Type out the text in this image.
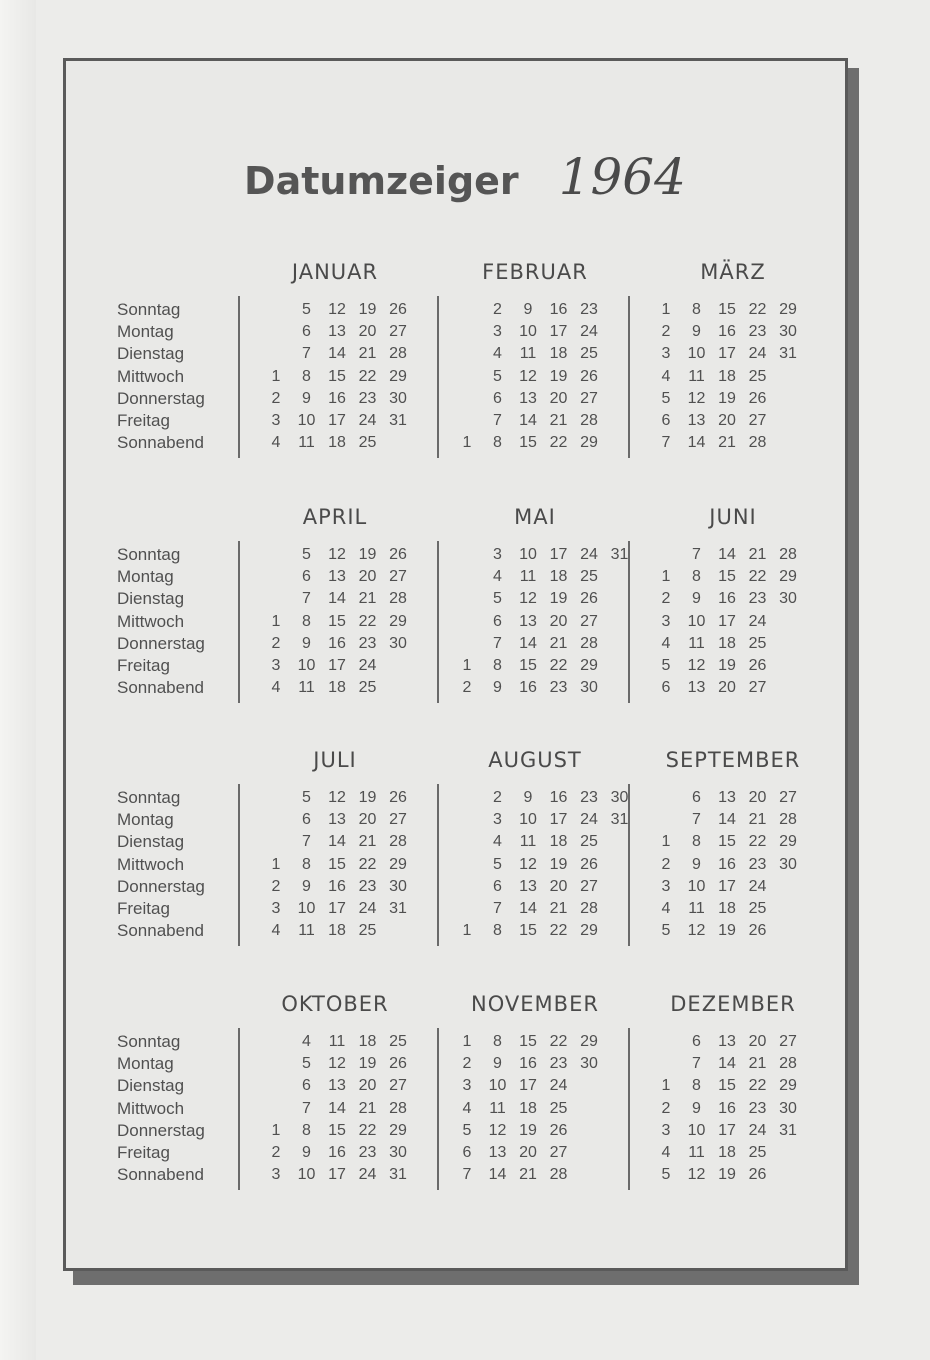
Datumzeiger 1964
Sonntag
Montag
Dienstag
Mittwoch
Donnerstag
Freitag
Sonnabend
JANUAR
1
2
3
4
5
6
7
8
9
10
11
12
13
14
15
16
17
18
19
20
21
22
23
24
25
26
27
28
29
30
31
FEBRUAR
1
2
3
4
5
6
7
8
9
10
11
12
13
14
15
16
17
18
19
20
21
22
23
24
25
26
27
28
29
MÄRZ
1
2
3
4
5
6
7
8
9
10
11
12
13
14
15
16
17
18
19
20
21
22
23
24
25
26
27
28
29
30
31
Sonntag
Montag
Dienstag
Mittwoch
Donnerstag
Freitag
Sonnabend
APRIL
1
2
3
4
5
6
7
8
9
10
11
12
13
14
15
16
17
18
19
20
21
22
23
24
25
26
27
28
29
30
MAI
1
2
3
4
5
6
7
8
9
10
11
12
13
14
15
16
17
18
19
20
21
22
23
24
25
26
27
28
29
30
31
JUNI
1
2
3
4
5
6
7
8
9
10
11
12
13
14
15
16
17
18
19
20
21
22
23
24
25
26
27
28
29
30
Sonntag
Montag
Dienstag
Mittwoch
Donnerstag
Freitag
Sonnabend
JULI
1
2
3
4
5
6
7
8
9
10
11
12
13
14
15
16
17
18
19
20
21
22
23
24
25
26
27
28
29
30
31
AUGUST
1
2
3
4
5
6
7
8
9
10
11
12
13
14
15
16
17
18
19
20
21
22
23
24
25
26
27
28
29
30
31
SEPTEMBER
1
2
3
4
5
6
7
8
9
10
11
12
13
14
15
16
17
18
19
20
21
22
23
24
25
26
27
28
29
30
Sonntag
Montag
Dienstag
Mittwoch
Donnerstag
Freitag
Sonnabend
OKTOBER
1
2
3
4
5
6
7
8
9
10
11
12
13
14
15
16
17
18
19
20
21
22
23
24
25
26
27
28
29
30
31
NOVEMBER
1
2
3
4
5
6
7
8
9
10
11
12
13
14
15
16
17
18
19
20
21
22
23
24
25
26
27
28
29
30
DEZEMBER
1
2
3
4
5
6
7
8
9
10
11
12
13
14
15
16
17
18
19
20
21
22
23
24
25
26
27
28
29
30
31
